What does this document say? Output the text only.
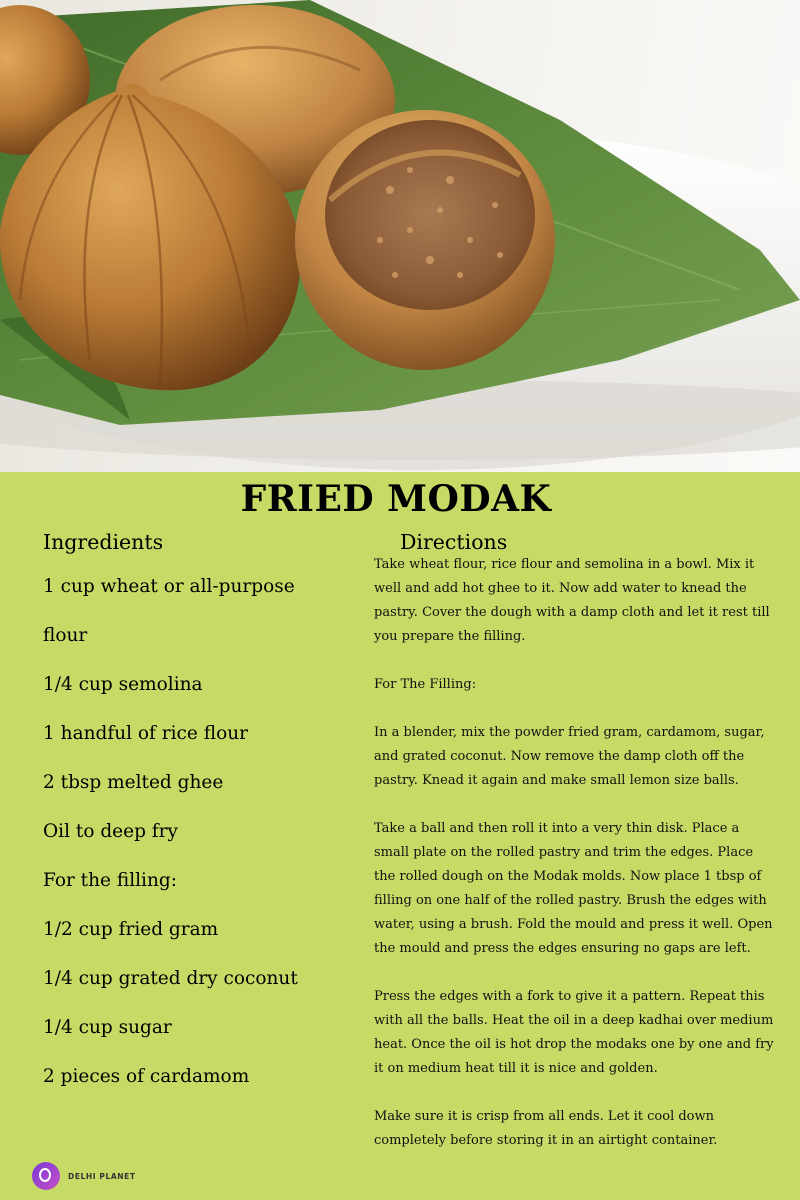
FRIED MODAK
Ingredients
1 cup wheat or all-purpose
flour
1/4 cup semolina
1 handful of rice flour
2 tbsp melted ghee
Oil to deep fry
For the filling:
1/2 cup fried gram
1/4 cup grated dry coconut
1/4 cup sugar
2 pieces of cardamom
Directions

Take wheat flour, rice flour and semolina in a bowl. Mix it well and add hot ghee to it. Now add water to knead the pastry. Cover the dough with a damp cloth and let it rest till you prepare the filling.

For The Filling:

In a blender, mix the powder fried gram, cardamom, sugar, and grated coconut. Now remove the damp cloth off the pastry. Knead it again and make small lemon size balls.

Take a ball and then roll it into a very thin disk. Place a small plate on the rolled pastry and trim the edges. Place the rolled dough on the Modak molds. Now place 1 tbsp of filling on one half of the rolled pastry. Brush the edges with water, using a brush. Fold the mould and press it well. Open the mould and press the edges ensuring no gaps are left.

Press the edges with a fork to give it a pattern. Repeat this with all the balls. Heat the oil in a deep kadhai over medium heat. Once the oil is hot drop the modaks one by one and fry it on medium heat till it is nice and golden.

Make sure it is crisp from all ends. Let it cool down completely before storing it in an airtight container.

DELHI PLANET
